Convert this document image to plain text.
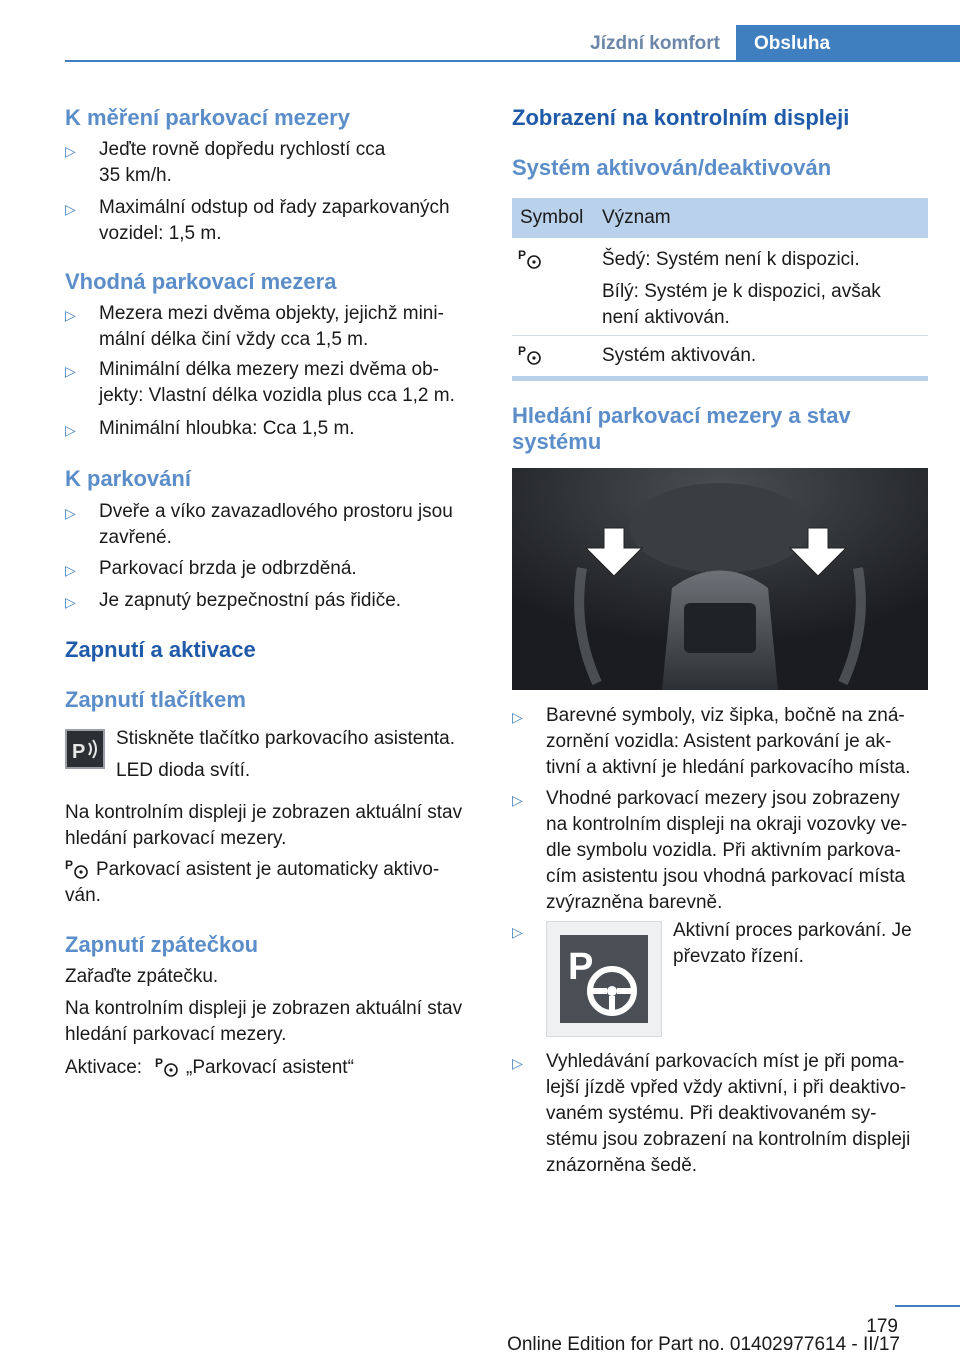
Jízdní komfort	Obsluha
K měření parkovací mezery
▷	Jeďte rovně dopředu rychlostí cca
35 km/h.
▷	Maximální odstup od řady zaparkovaných
vozidel: 1,5 m.
Vhodná parkovací mezera
▷	Mezera mezi dvěma objekty, jejichž mini‐
mální délka činí vždy cca 1,5 m.
▷	Minimální délka mezery mezi dvěma ob‐
jekty: Vlastní délka vozidla plus cca 1,2 m.
▷	Minimální hloubka: Cca 1,5 m.
K parkování
▷	Dveře a víko zavazadlového prostoru jsou
zavřené.
▷	Parkovací brzda je odbrzděná.
▷	Je zapnutý bezpečnostní pás řidiče.
Zapnutí a aktivace
Zapnutí tlačítkem
P
Stiskněte tlačítko parkovacího asistenta.
LED dioda svítí.
Na kontrolním displeji je zobrazen aktuální stav
hledání parkovací mezery.
P Parkovací asistent je automaticky aktivo‐
ván.
Zapnutí zpátečkou
Zařaďte zpátečku.
Na kontrolním displeji je zobrazen aktuální stav
hledání parkovací mezery.
Aktivace: P „Parkovací asistent“
Zobrazení na kontrolním displeji
Systém aktivován/deaktivován
Symbol Význam
P	Šedý: Systém není k dispozici.
Bílý: Systém je k dispozici, avšak
není aktivován.
P	Systém aktivován.
Hledání parkovací mezery a stav
systému
▷	Barevné symboly, viz šipka, bočně na zná‐
zornění vozidla: Asistent parkování je ak‐
tivní a aktivní je hledání parkovacího místa.
▷	Vhodné parkovací mezery jsou zobrazeny
na kontrolním displeji na okraji vozovky ve‐
dle symbolu vozidla. Při aktivním parkova‐
cím asistentu jsou vhodná parkovací místa
zvýrazněna barevně.
▷
P
Aktivní proces parkování. Je
převzato řízení.
▷	Vyhledávání parkovacích míst je při poma‐
lejší jízdě vpřed vždy aktivní, i při deaktivo‐
vaném systému. Při deaktivovaném sy‐
stému jsou zobrazení na kontrolním displeji
znázorněna šedě.
179
Online Edition for Part no. 01402977614 - II/17
